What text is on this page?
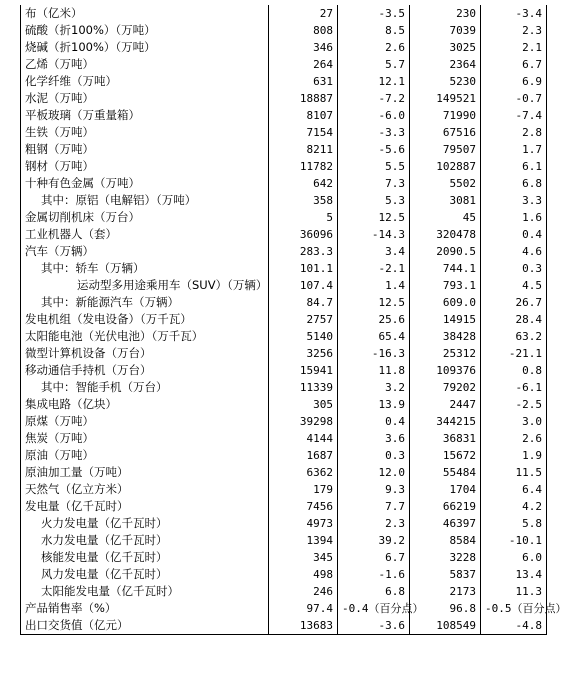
布（亿米）	27	-3.5	230	-3.4
硫酸（折100%）（万吨）	808	8.5	7039	2.3
烧碱（折100%）（万吨）	346	2.6	3025	2.1
乙烯（万吨）	264	5.7	2364	6.7
化学纤维（万吨）	631	12.1	5230	6.9
水泥（万吨）	18887	-7.2	149521	-0.7
平板玻璃（万重量箱）	8107	-6.0	71990	-7.4
生铁（万吨）	7154	-3.3	67516	2.8
粗钢（万吨）	8211	-5.6	79507	1.7
钢材（万吨）	11782	5.5	102887	6.1
十种有色金属（万吨）	642	7.3	5502	6.8
其中：原铝（电解铝）（万吨）	358	5.3	3081	3.3
金属切削机床（万台）	5	12.5	45	1.6
工业机器人（套）	36096	-14.3	320478	0.4
汽车（万辆）	283.3	3.4	2090.5	4.6
其中：轿车（万辆）	101.1	-2.1	744.1	0.3
运动型多用途乘用车（SUV）（万辆）	107.4	1.4	793.1	4.5
其中：新能源汽车（万辆）	84.7	12.5	609.0	26.7
发电机组（发电设备）（万千瓦）	2757	25.6	14915	28.4
太阳能电池（光伏电池）（万千瓦）	5140	65.4	38428	63.2
微型计算机设备（万台）	3256	-16.3	25312	-21.1
移动通信手持机（万台）	15941	11.8	109376	0.8
其中：智能手机（万台）	11339	3.2	79202	-6.1
集成电路（亿块）	305	13.9	2447	-2.5
原煤（万吨）	39298	0.4	344215	3.0
焦炭（万吨）	4144	3.6	36831	2.6
原油（万吨）	1687	0.3	15672	1.9
原油加工量（万吨）	6362	12.0	55484	11.5
天然气（亿立方米）	179	9.3	1704	6.4
发电量（亿千瓦时）	7456	7.7	66219	4.2
火力发电量（亿千瓦时）	4973	2.3	46397	5.8
水力发电量（亿千瓦时）	1394	39.2	8584	-10.1
核能发电量（亿千瓦时）	345	6.7	3228	6.0
风力发电量（亿千瓦时）	498	-1.6	5837	13.4
太阳能发电量（亿千瓦时）	246	6.8	2173	11.3
产品销售率（%）	97.4	-0.4（百分点）	96.8	-0.5（百分点）
出口交货值（亿元）	13683	-3.6	108549	-4.8
